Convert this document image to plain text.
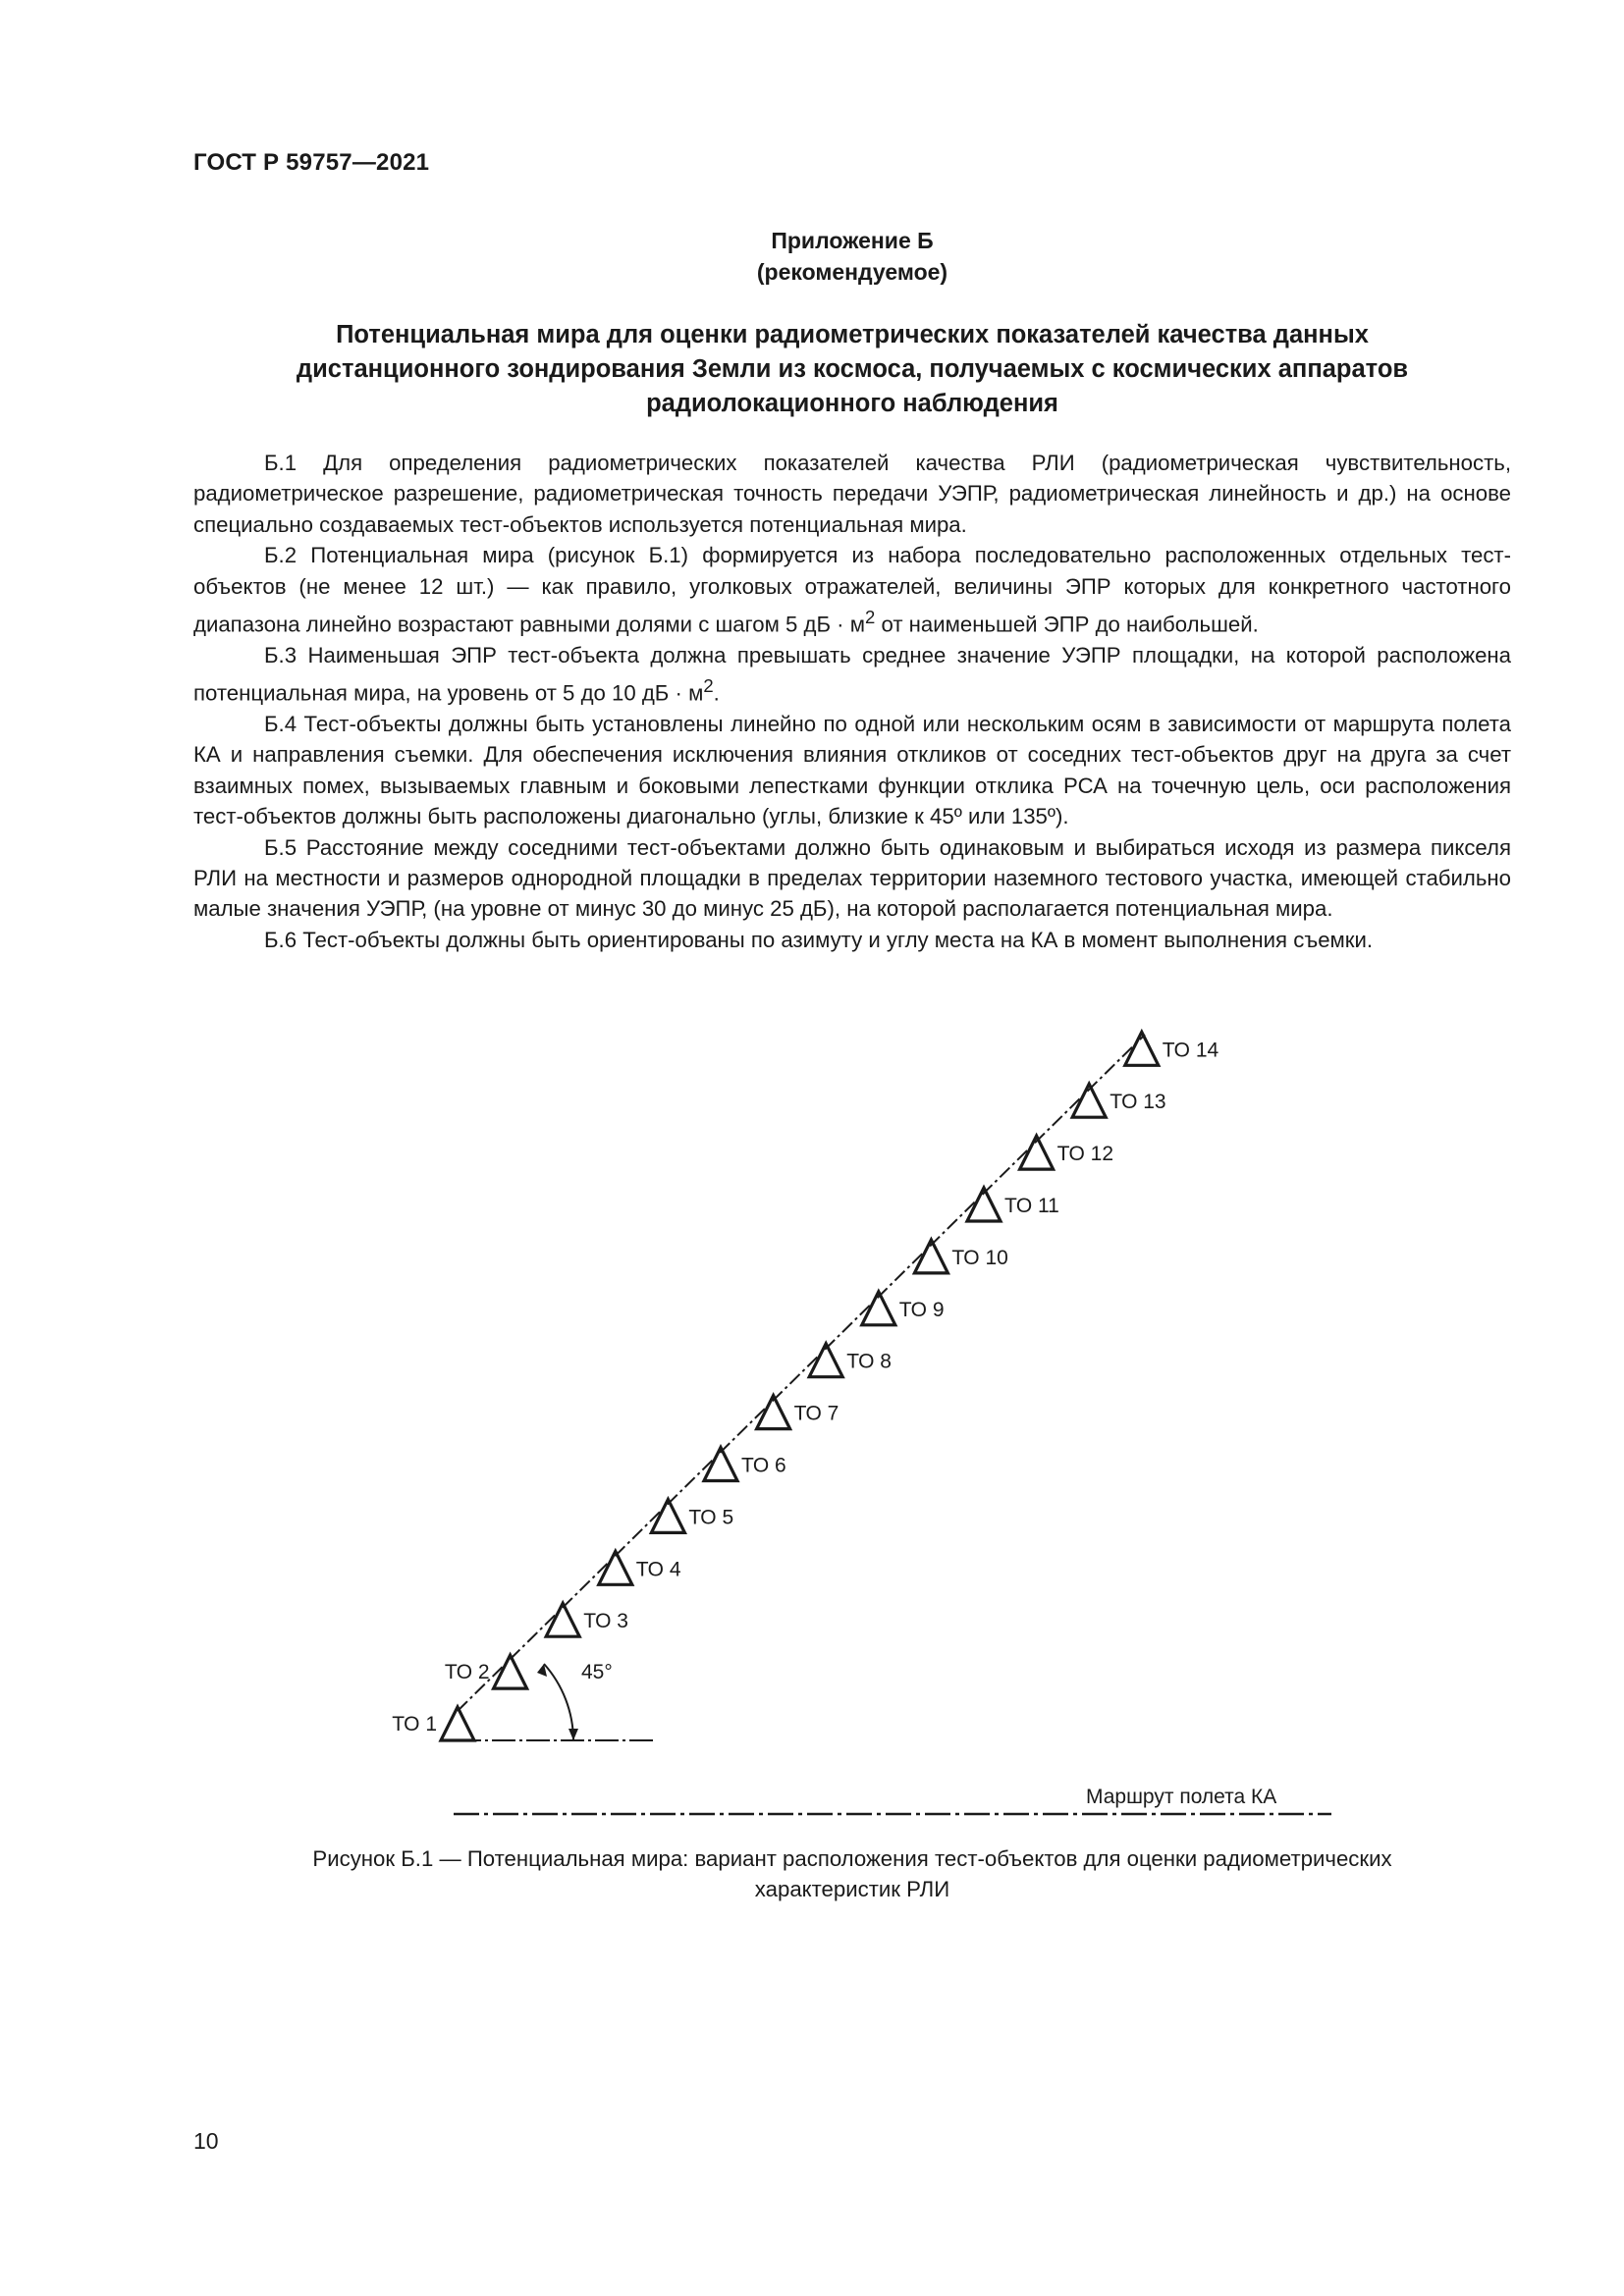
ГОСТ Р 59757—2021
Приложение Б
(рекомендуемое)
Потенциальная мира для оценки радиометрических показателей качества данных
дистанционного зондирования Земли из космоса, получаемых с космических аппаратов
радиолокационного наблюдения

Б.1 Для определения радиометрических показателей качества РЛИ (радиометрическая чувствительность, радиометрическое разрешение, радиометрическая точность передачи УЭПР, радиометрическая линейность и др.) на основе специально создаваемых тест-объектов используется потенциальная мира.

Б.2 Потенциальная мира (рисунок Б.1) формируется из набора последовательно расположенных отдельных тест-объектов (не менее 12 шт.) — как правило, уголковых отражателей, величины ЭПР которых для конкретного частотного диапазона линейно возрастают равными долями с шагом 5 дБ · $м^2$ от наименьшей ЭПР до наибольшей.

Б.3 Наименьшая ЭПР тест-объекта должна превышать среднее значение УЭПР площадки, на которой расположена потенциальная мира, на уровень от 5 до 10 дБ · $м^2$.

Б.4 Тест-объекты должны быть установлены линейно по одной или нескольким осям в зависимости от маршрута полета КА и направления съемки. Для обеспечения исключения влияния откликов от соседних тест-объектов друг на друга за счет взаимных помех, вызываемых главным и боковыми лепестками функции отклика РСА на точечную цель, оси расположения тест-объектов должны быть расположены диагонально (углы, близкие к 45º или 135º).

Б.5 Расстояние между соседними тест-объектами должно быть одинаковым и выбираться исходя из размера пикселя РЛИ на местности и размеров однородной площадки в пределах территории наземного тестового участка, имеющей стабильно малые значения УЭПР, (на уровне от минус 30 до минус 25 дБ), на которой располагается потенциальная мира.

Б.6 Тест-объекты должны быть ориентированы по азимуту и углу места на КА в момент выполнения съемки.

45°
ТО 1
ТО 2
ТО 3
ТО 4
ТО 5
ТО 6
ТО 7
ТО 8
ТО 9
ТО 10
ТО 11
ТО 12
ТО 13
ТО 14
Маршрут полета КА
Рисунок Б.1 — Потенциальная мира: вариант расположения тест-объектов для оценки радиометрических
характеристик РЛИ
10
